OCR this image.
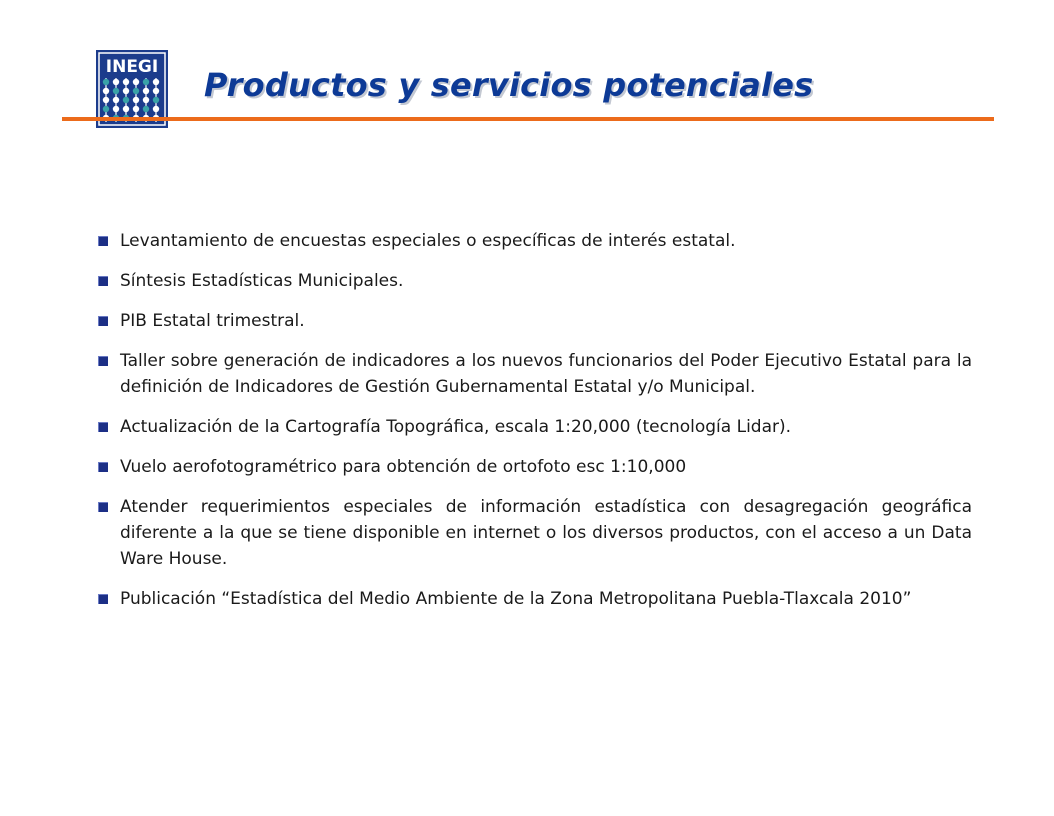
INEGI Productos y servicios potenciales
Levantamiento de encuestas especiales o específicas de interés estatal.
Síntesis Estadísticas Municipales.
PIB Estatal trimestral.
Taller sobre generación de indicadores a los nuevos funcionarios del Poder Ejecutivo Estatal para la definición de Indicadores de Gestión Gubernamental Estatal y/o Municipal.
Actualización de la Cartografía Topográfica, escala 1:20,000 (tecnología Lidar).
Vuelo aerofotogramétrico para obtención de ortofoto esc 1:10,000
Atender requerimientos especiales de información estadística con desagregación geográfica diferente a la que se tiene disponible en internet o los diversos productos, con el acceso a un Data Ware House.
Publicación “Estadística del Medio Ambiente de la Zona Metropolitana Puebla-Tlaxcala 2010”
